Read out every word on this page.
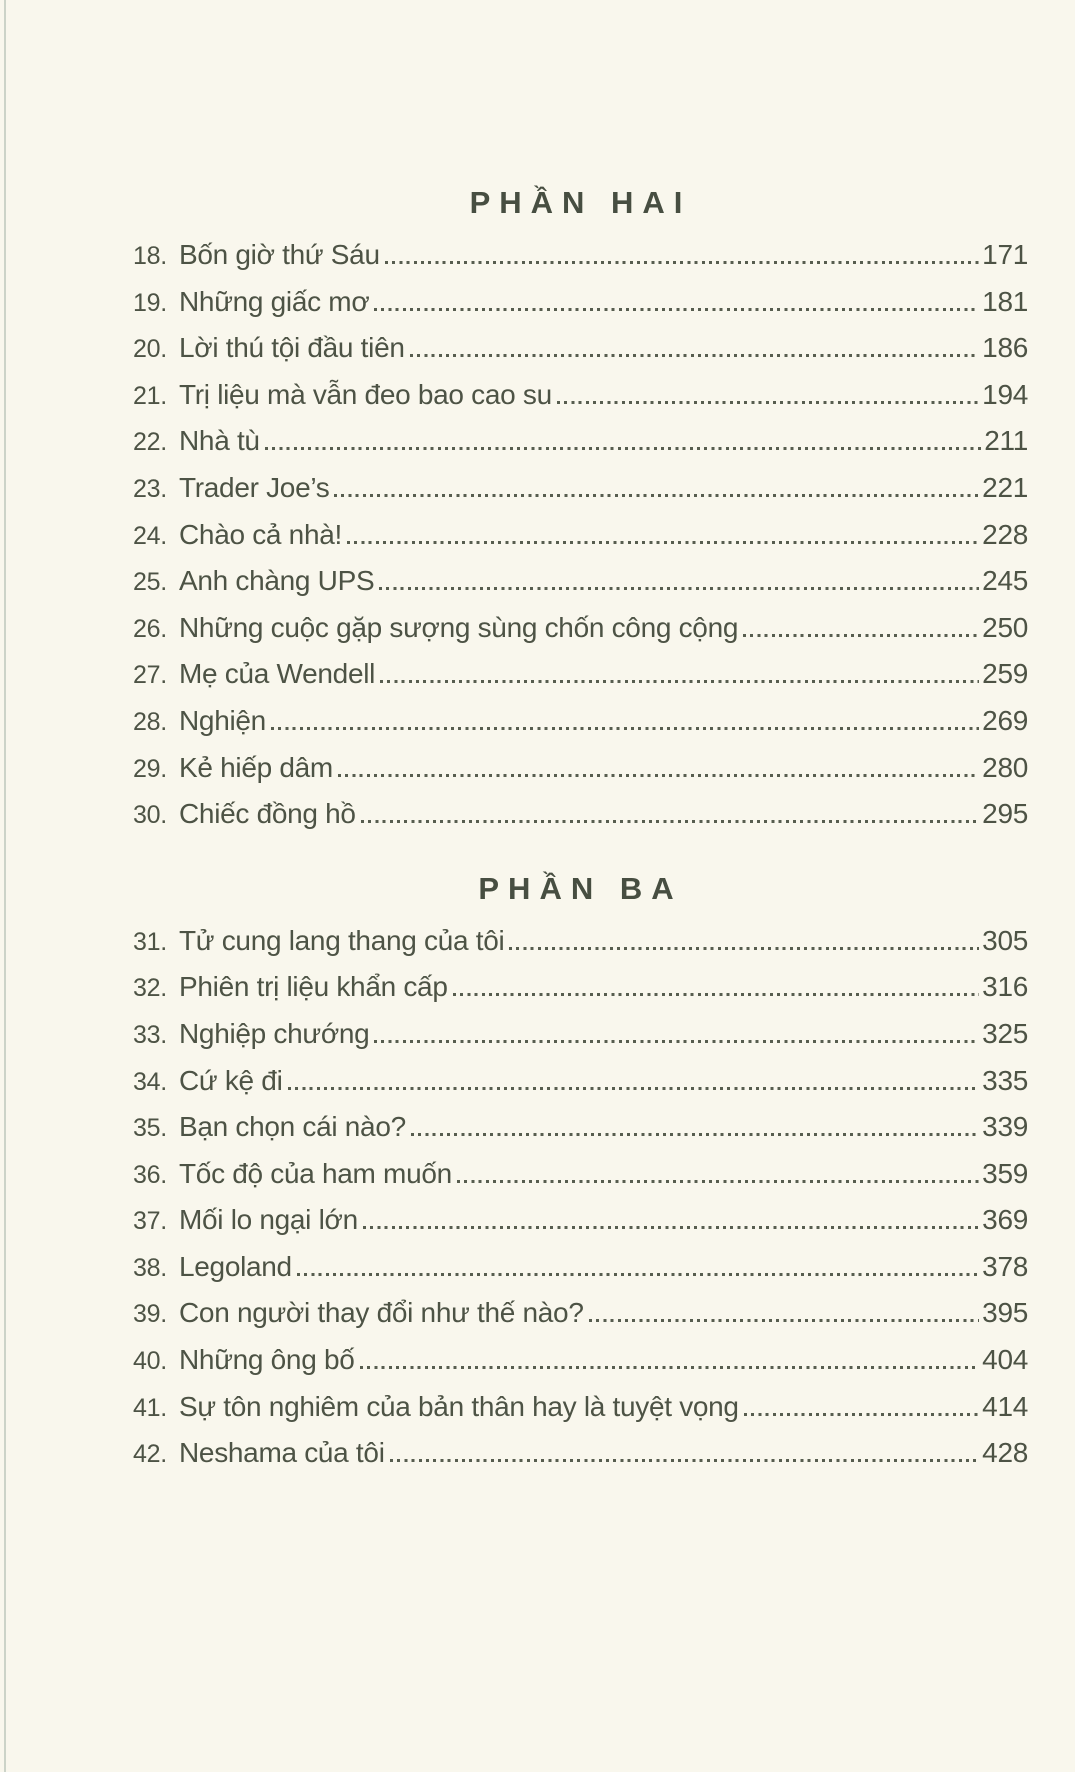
PHẦN HAI
18. Bốn giờ thứ Sáu	171
19. Những giấc mơ	181
20. Lời thú tội đầu tiên	186
21. Trị liệu mà vẫn đeo bao cao su	194
22. Nhà tù	211
23. Trader Joe’s	221
24. Chào cả nhà!	228
25. Anh chàng UPS	245
26. Những cuộc gặp sượng sùng chốn công cộng	250
27. Mẹ của Wendell	259
28. Nghiện	269
29. Kẻ hiếp dâm	280
30. Chiếc đồng hồ	295
PHẦN BA
31. Tử cung lang thang của tôi	305
32. Phiên trị liệu khẩn cấp	316
33. Nghiệp chướng	325
34. Cứ kệ đi	335
35. Bạn chọn cái nào?	339
36. Tốc độ của ham muốn	359
37. Mối lo ngại lớn	369
38. Legoland	378
39. Con người thay đổi như thế nào?	395
40. Những ông bố	404
41. Sự tôn nghiêm của bản thân hay là tuyệt vọng	414
42. Neshama của tôi	428
